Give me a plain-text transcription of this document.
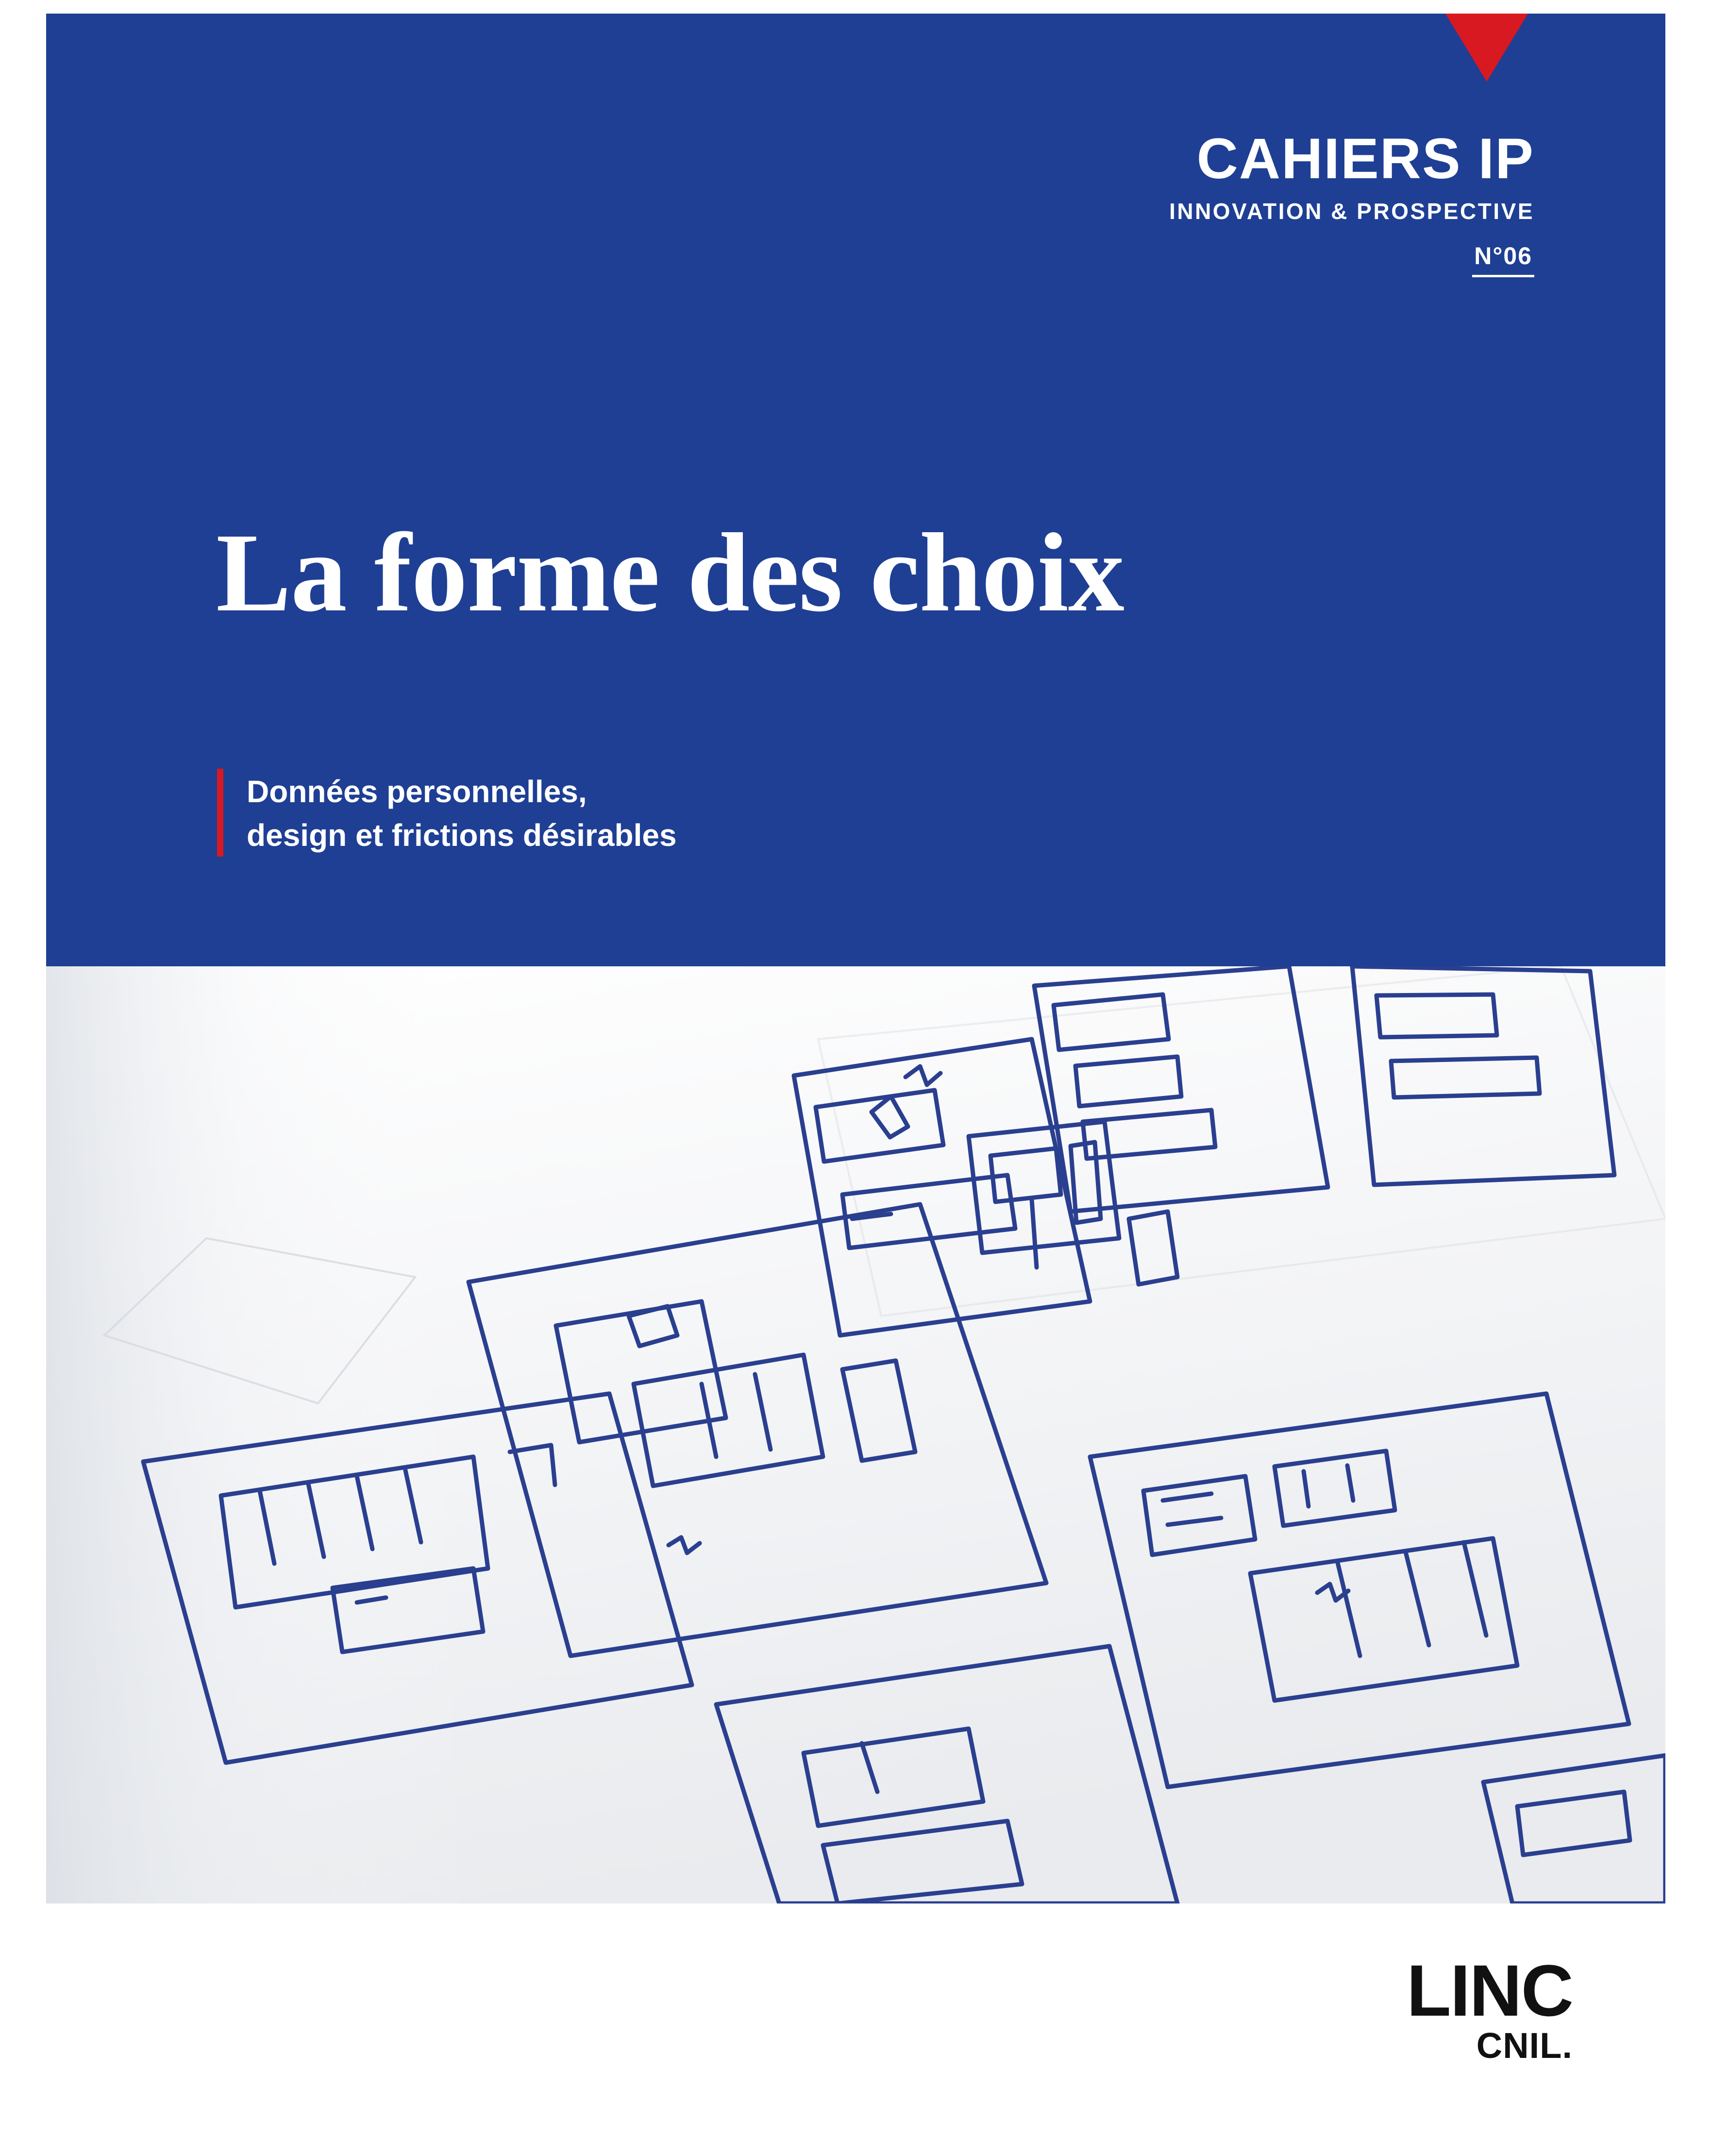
CAHIERS IP
INNOVATION & PROSPECTIVE
N°06
La forme des choix
Données personnelles,
design et frictions désirables
LINC
CNIL.
